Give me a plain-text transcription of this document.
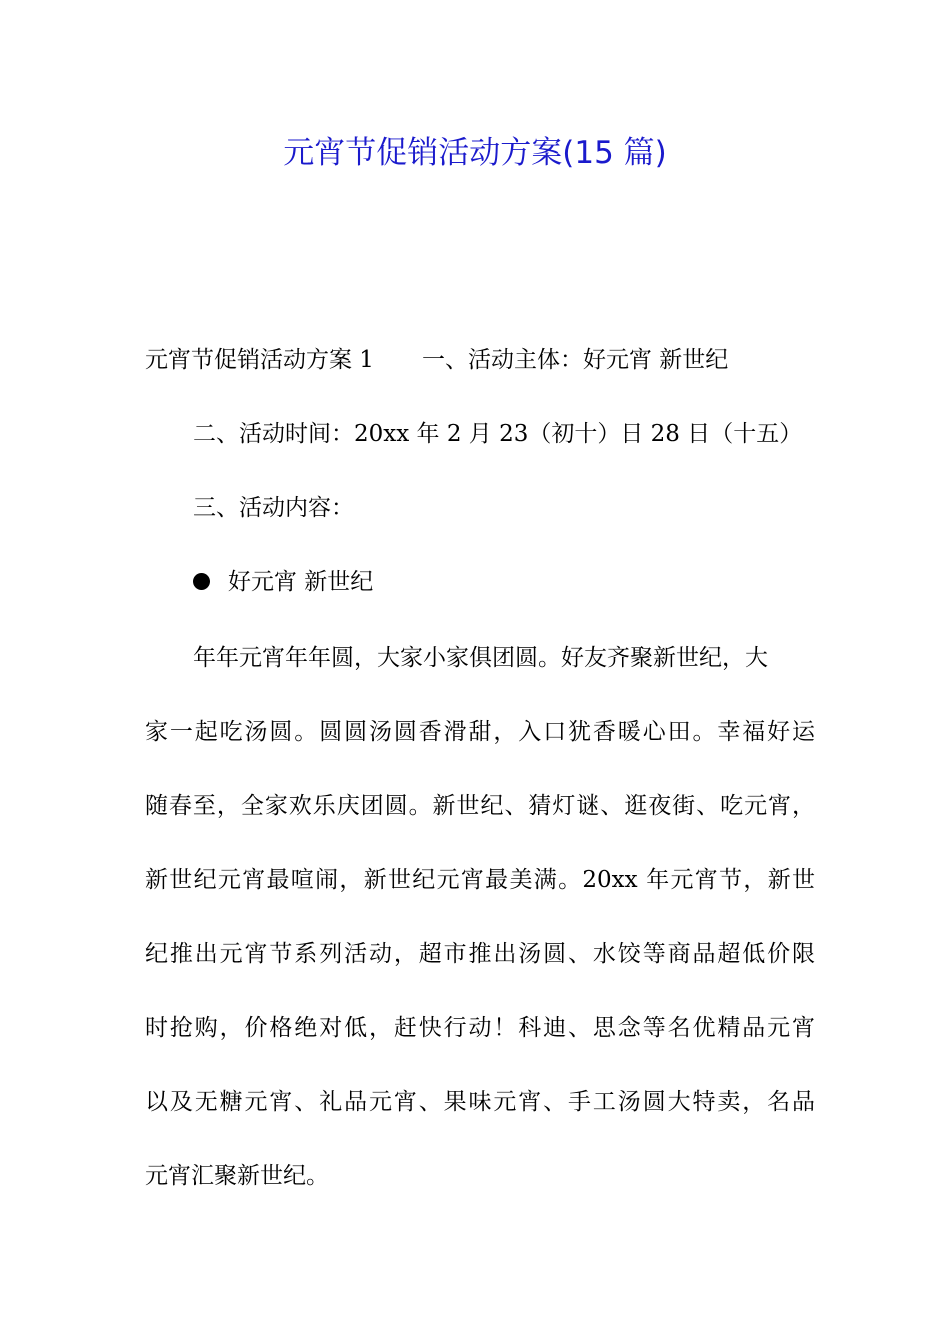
元宵节促销活动方案(15 篇)

元宵节促销活动方案 1 一、活动主体：好元宵 新世纪

二、活动时间：20xx 年 2 月 23（初十）日 28 日（十五）

三、活动内容：

好元宵 新世纪

年年元宵年年圆，大家小家俱团圆。好友齐聚新世纪，大

家一起吃汤圆。圆圆汤圆香滑甜，入口犹香暖心田。幸福好运

随春至，全家欢乐庆团圆。新世纪、猜灯谜、逛夜街、吃元宵，

新世纪元宵最喧闹，新世纪元宵最美满。20xx 年元宵节，新世

纪推出元宵节系列活动，超市推出汤圆、水饺等商品超低价限

时抢购，价格绝对低，赶快行动！科迪、思念等名优精品元宵

以及无糖元宵、礼品元宵、果味元宵、手工汤圆大特卖，名品

元宵汇聚新世纪。
